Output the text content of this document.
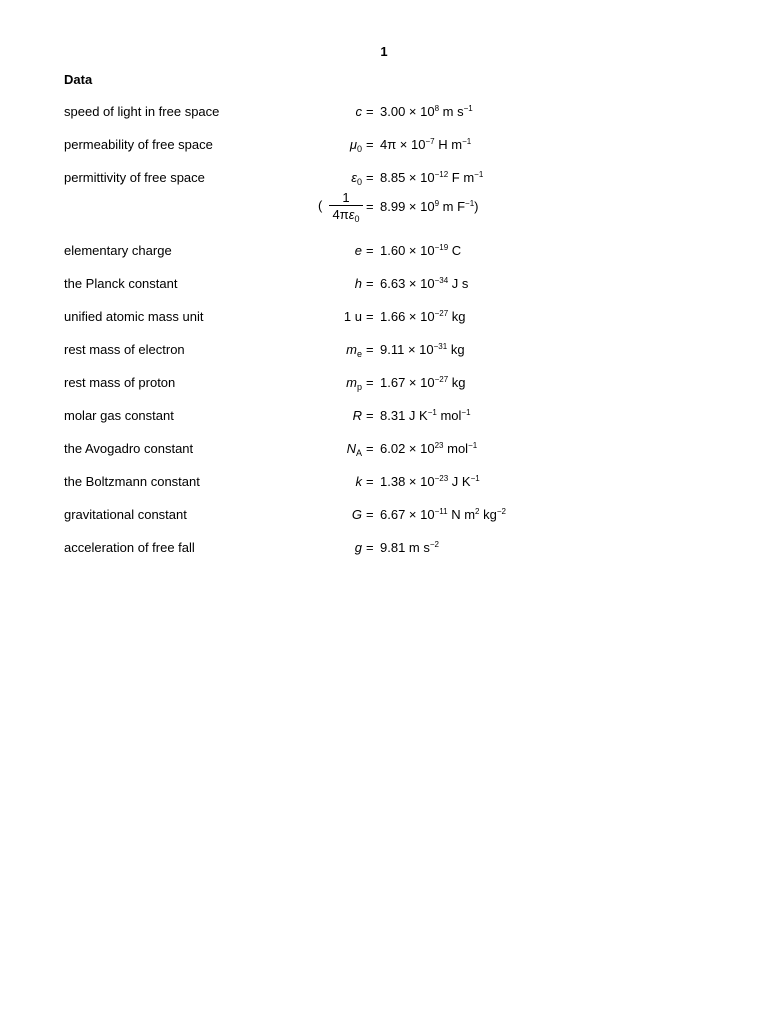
1
Data
speed of light in free space	$c = 3.00 \times 10^8$ m $s^{-1}$
permeability of free space	$\mu_0 = 4\pi \times 10^{-7}$ H $m^{-1}$
permittivity of free space	$\varepsilon_0 = 8.85 \times 10^{-12}$ F $m^{-1}$
(
1
$4\pi\varepsilon_0$
= $8.99 \times 10^9$ m $F^{-1}$)
elementary charge	$e = 1.60 \times 10^{-19}$ C
the Planck constant	$h = 6.63 \times 10^{-34}$ J s
unified atomic mass unit	1 $u = 1.66 \times 10^{-27}$ kg
rest mass of electron	$m_e = 9.11 \times 10^{-31}$ kg
rest mass of proton	$m_p = 1.67 \times 10^{-27}$ kg
molar gas constant	R = 8.31 J $K^{-1}$ mol$^{-1}$
the Avogadro constant	$N_A = 6.02 \times 10^{23}$ mol$^{-1}$
the Boltzmann constant	$k = 1.38 \times 10^{-23}$ J $K^{-1}$
gravitational constant	$G = 6.67 \times 10^{-11}$ N $m^2$ $kg^{-2}$
acceleration of free fall	g = 9.81 m $s^{-2}$
